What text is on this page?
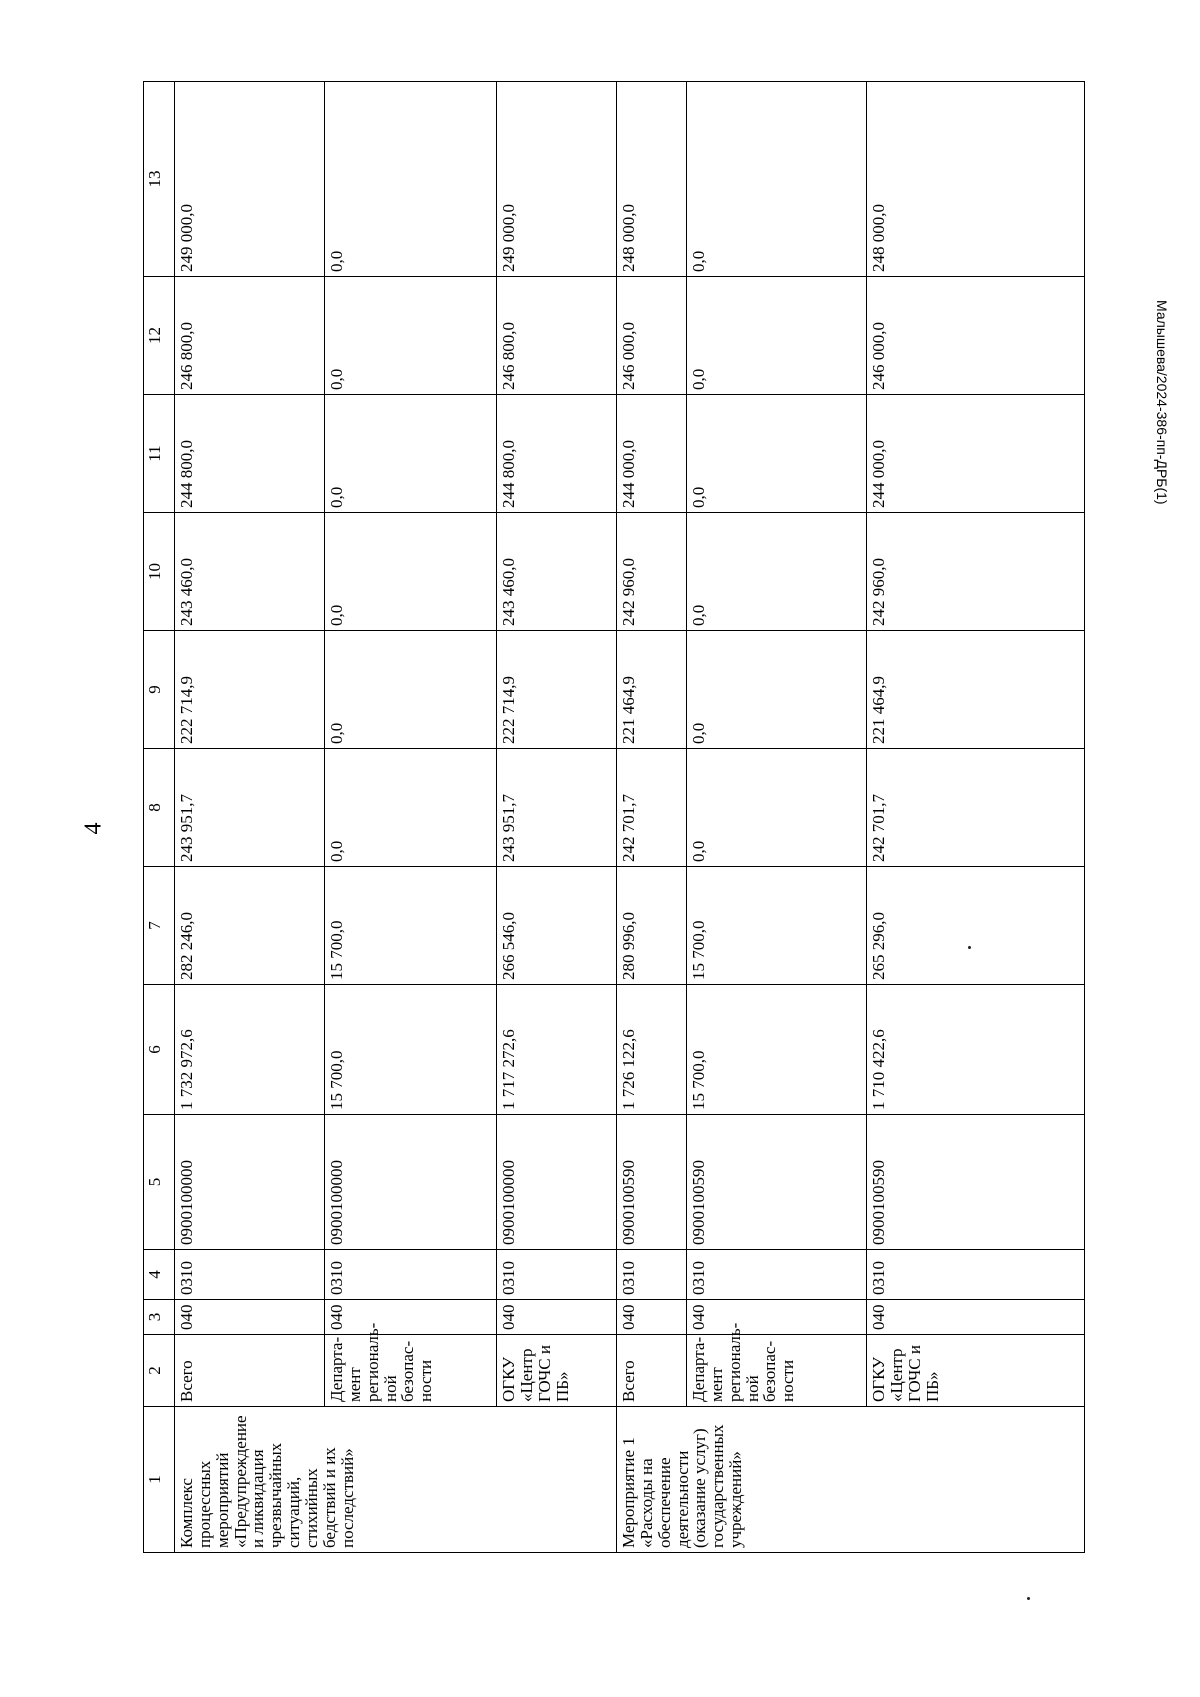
4
Малышева/2024-386-пп-ДРБ(1)
1	2	3	4	5	6	7	8	9	10	11	12	13
Комплекс процессных мероприятий «Предупреждение и ликвидация чрезвычайных ситуаций, стихийных бедствий и их последствий»	Всего	040	0310	0900100000	1 732 972,6	282 246,0	243 951,7	222 714,9	243 460,0	244 800,0	246 800,0	249 000,0
	Департа-мент региональ-ной безопас-ности	040	0310	0900100000	15 700,0	15 700,0	0,0	0,0	0,0	0,0	0,0	0,0
	ОГКУ «Центр ГОЧС и ПБ»	040	0310	0900100000	1 717 272,6	266 546,0	243 951,7	222 714,9	243 460,0	244 800,0	246 800,0	249 000,0
Мероприятие 1 «Расходы на обеспечение деятельности (оказание услуг) государственных учреждений»	Всего	040	0310	0900100590	1 726 122,6	280 996,0	242 701,7	221 464,9	242 960,0	244 000,0	246 000,0	248 000,0
	Департа-мент региональ-ной безопас-ности	040	0310	0900100590	15 700,0	15 700,0	0,0	0,0	0,0	0,0	0,0	0,0
	ОГКУ «Центр ГОЧС и ПБ»	040	0310	0900100590	1 710 422,6	265 296,0	242 701,7	221 464,9	242 960,0	244 000,0	246 000,0	248 000,0
